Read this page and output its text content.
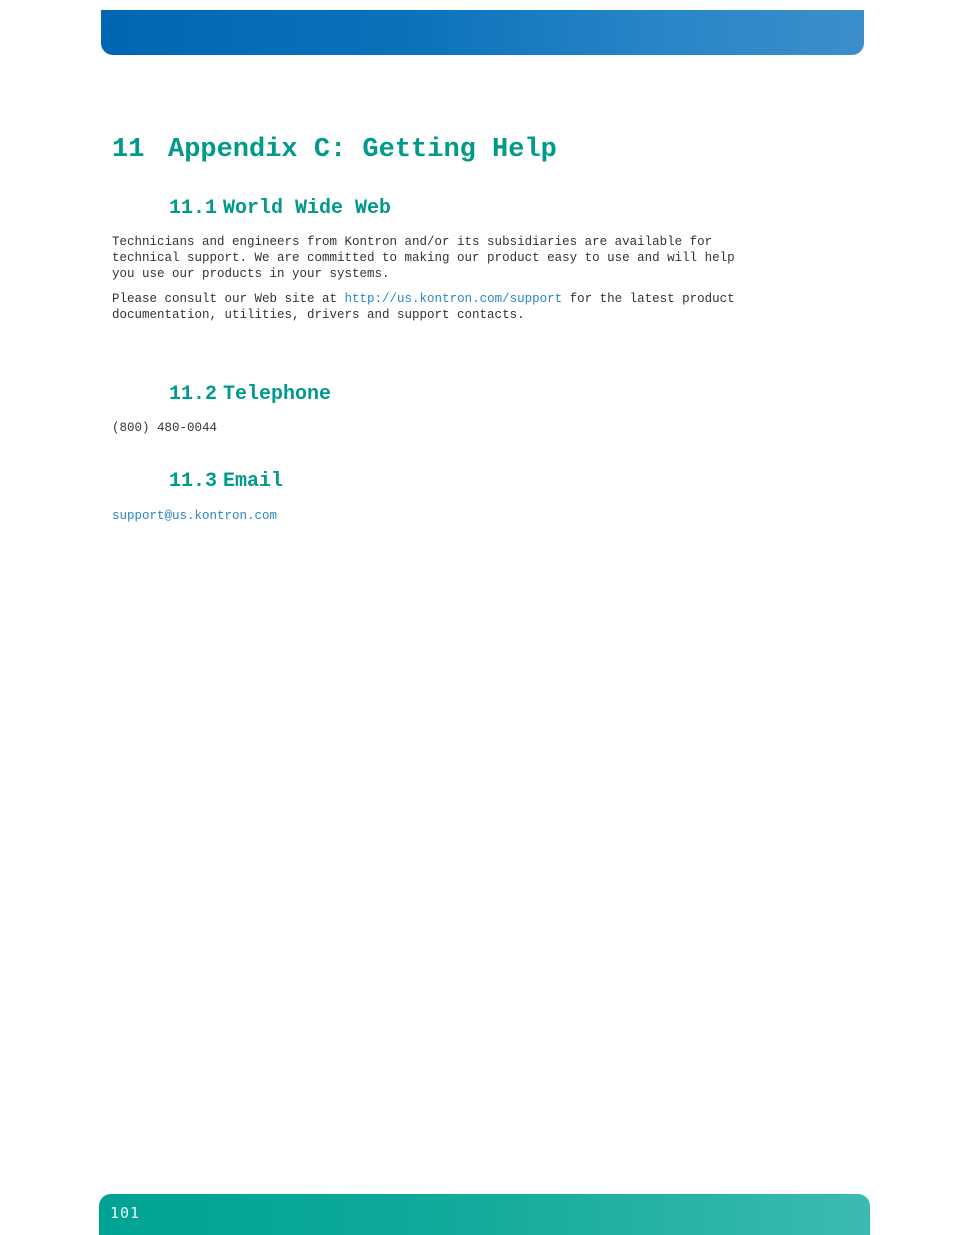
11 Appendix C: Getting Help
11.1 World Wide Web

Technicians and engineers from Kontron and/or its subsidiaries are available for
technical support. We are committed to making our product easy to use and will help
you use our products in your systems.

Please consult our Web site at http://us.kontron.com/support for the latest product
documentation, utilities, drivers and support contacts.

11.2 Telephone

(800) 480-0044

11.3 Email

support@us.kontron.com

101
